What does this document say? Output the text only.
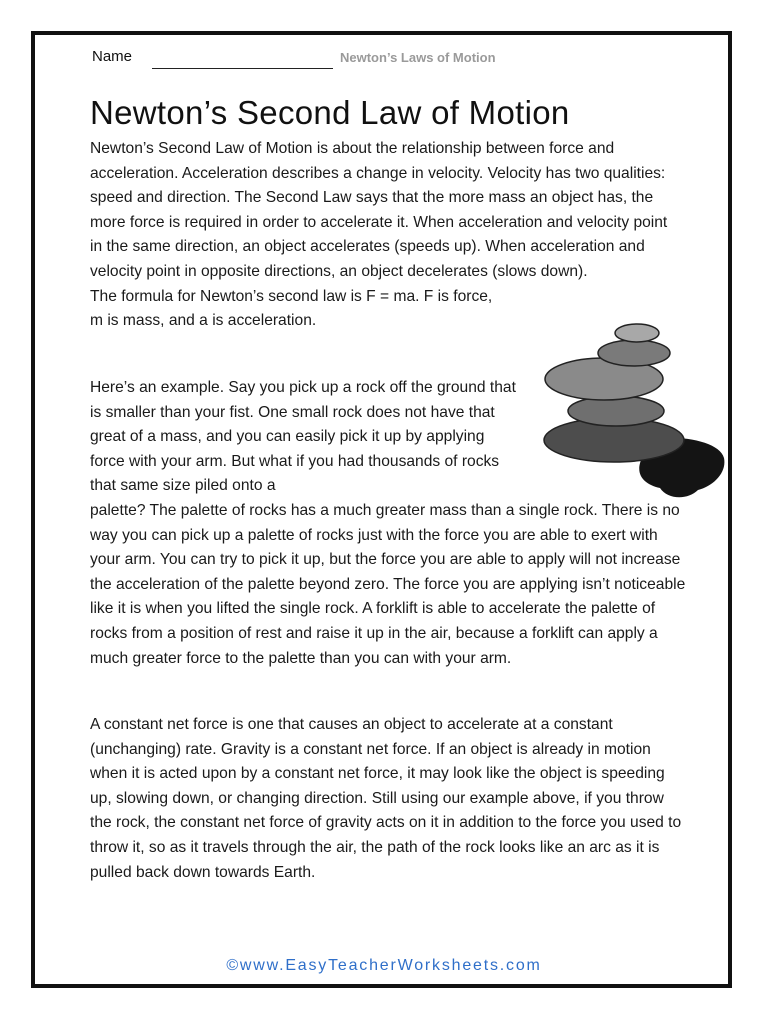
Name	Newton’s Laws of Motion
Newton’s Second Law of Motion

Newton’s Second Law of Motion is about the relationship between force and acceleration. Acceleration describes a change in velocity. Velocity has two qualities: speed and direction. The Second Law says that the more mass an object has, the more force is required in order to accelerate it. When acceleration and velocity point in the same direction, an object accelerates (speeds up). When acceleration and velocity point in opposite directions, an object decelerates (slows down).
The formula for Newton’s second law is F = ma. F is force, m is mass, and a is acceleration.

Here’s an example. Say you pick up a rock off the ground that is smaller than your fist. One small rock does not have that great of a mass, and you can easily pick it up by applying force with your arm. But what if you had thousands of rocks that same size piled onto a
palette? The palette of rocks has a much greater mass than a single rock. There is no way you can pick up a palette of rocks just with the force you are able to exert with your arm. You can try to pick it up, but the force you are able to apply will not increase the acceleration of the palette beyond zero. The force you are applying isn’t noticeable like it is when you lifted the single rock. A forklift is able to accelerate the palette of rocks from a position of rest and raise it up in the air, because a forklift can apply a much greater force to the palette than you can with your arm.

A constant net force is one that causes an object to accelerate at a constant (unchanging) rate. Gravity is a constant net force. If an object is already in motion when it is acted upon by a constant net force, it may look like the object is speeding up, slowing down, or changing direction. Still using our example above, if you throw the rock, the constant net force of gravity acts on it in addition to the force you used to throw it, so as it travels through the air, the path of the rock looks like an arc as it is pulled back down towards Earth.

©www.EasyTeacherWorksheets.com
